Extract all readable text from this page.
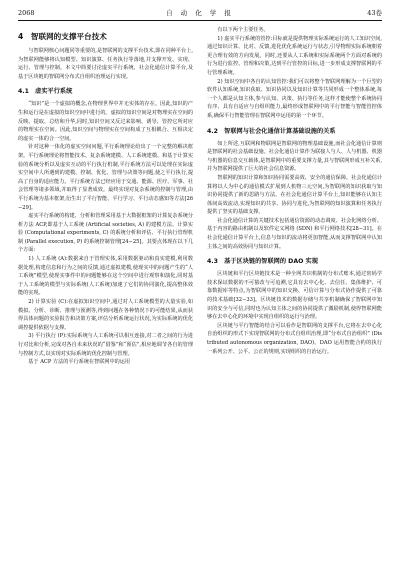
2068	自 动 化 学 报	43卷
4　智联网的支撑平台技术

与智联网核心问题同等重要的,是智联网的支撑平台技术,即在同种平台上,为智联网能够将认知模型、知识演算、任务执行等落地,并支撑开发、实现、运行、管理与控制。本文中简要讨论虚实平行系统、社会化通信计算平台,及基于区块链的智联网分布式自组织治理运行实现。

4.1　虚实平行系统

“知识”是一个虚拟的概念,在物理世界中并无实体的存在。因此,知识的产生和运行是在虚拟的知识空间中进行的。虚拟的知识空间是对物理实在空间的反映、提取、总结和升华,同时,知识空间又反过来影响、诱导、管控它所对应的物理实在空间。因此,知识空间与物理实在空间构成了互相耦合、互相决定的虚实一体的合一空间。

针对这种一体化的虚实空间问题,平行系统理论给出了一个完整的解决框架。平行系统理论将智能技术、复杂系统建模、人工系统建模、和基于计算实验的系统分析以及虚实互动的平行执行机制,平行系统方法可以处理在实际虚实空间中人所遇到的建模、控制、优化、管理与决策等问题,使之平行执行,提高了自身的适应能力。平行系统方法已经应用于交通、能源、医疗、军事、社会管理等诸多领域,并取得了显著成效。最终实现对复杂系统的控制与管理,由平行系统为基本框架,衍生出了平行智能、平行学习、平行动态感知等方法[26−29]。

虚实平行系统的构建、分析和管理采用基于大数据框架的计算复杂系统分析方法 ACP,即基于人工系统 (Artificial societies, A) 的建模方法、计算实验 (Computational experiments, C) 的系统分析和评估、平行执行管理机制 (Parallel execution, P) 的系统控制管理[24−25]。其要点体现在以下几个方面:

1) 人工系统 (A):数据来自于管理实体,采用数据驱动和真实建模,利用数据处理,构建信息和行为之间的反馈,通过虚拟建模,使现实中的问题产生的“人工系统”模型,使现实事件中的问题能够在这个空间中进行观察和演化,同时基于人工系统的模型与实际系统(人工系统)加速了它们的协同演化,提高整体效能的实现。

2) 计算实验 (C):在虚拟知识空间中,通过对人工系统模型的大量实验,如模拟、分析、诊断、推理与预测等,得到问题在各种情况下的可能结果,从而获得具体问题的实验报告和决策方案,评估分析系统运行状况,为实际系统的优化调控提供依据与支撑。

3) 平行执行 (P):实际系统与人工系统可以相互连接,对二者之间的行为进行对比和分析,完成对各自未来状况的“借鉴”和“预估”,相应地调节各自的管理与控制方式,以实现对实际系统的优化控制与管理。

基于 ACP 方法的平行系统在智联网中的运用

有以下两个主要任务。

1) 虚实平行系统的管控:目标就是提供物理实际系统运行的人工知识空间,通过知识计算、比对、反馈,进化优化系统运行与状态,引导物理实际系统朝着更合理有效的方向发展。同时,还要从人工系统和实际系统两个方面对系统的行为进行监控、管理和决策,达到平行管控的目标,进一步形成支撑智联网的平行管理系统。

2) 知识空间中各自的认知管控:我们可以将整个智联网理解为一个巨型的软件认知系统,知识获取、知识协同以及知识计算等共同形成一个整体系统,每一个人都是认知主体,参与认知、决策、执行等任务,这样才能使整个系统协同有序、具有自适应与自组织能力,最终形成智联网中的平行智能与智能管控体系,确保平行智能管理在智联网中运用的第一个环节。

4.2　智联网与社会化通信计算基础设施的关系

如上所述,互联网和物联网是智联网的物理基础设施,而社会化通信计算则是智联网的社会基础设施。社会化通信计算作为联接人与人、人与机器、机器与机器的信息交互载体,是智联网中的重要支撑力量,其与智联网形成互补关系,并为智联网提供了巨大的社会信息资源。

智联网的知识计算和知识协同需要高效、安全的通信保障。社会化通信计算将以人为中心的通信模式扩展到人机物三元空间,为智联网的知识获取与知识协同提供了新的思路与方法。在社会化通信计算平台上,知识能够在认知主体间高效流动,实现知识的共享、协同与进化,为智联网的知识演算和任务执行提供了坚实的基础支撑。

社会化通信计算的关键技术包括通信资源的动态调度、社会化网络分析、基于内容的路由机制以及软件定义网络 (SDN) 和平行网络技术[28−31]。在社会化通信计算平台上,信息与知识的流动将更加智能,从而支撑智联网中认知主体之间的高效协同与知识计算。

4.3　基于区块链的智联网的 DAO 实现

区块链和平行区块链技术是一种全网共识机制的分布式账本,通过密码学技术保证数据的不可篡改与可追溯,它具有去中心化、去信任、集体维护、可靠数据库等特点,为智联网中的知识交换、可信计算与分布式协作提供了可靠的技术基础[32−33]。区块链技术的数据存储与共享机制确保了智联网中知识的安全与可信,同时也为认知主体之间的协同提供了激励机制,使得智联网能够在去中心化的环境中实现自组织的运行与治理。

区块链与平行智能的结合可以看作是智联网的支撑平台,它将在去中心化自治组织的形式下实现智联网的分布式自组织治理,即“分布式自治组织” (Distributed autonomous organization, DAO)。DAO 运用智能合约的执行一系列公开、公平、公正的规则,实现组织的自治运行。
